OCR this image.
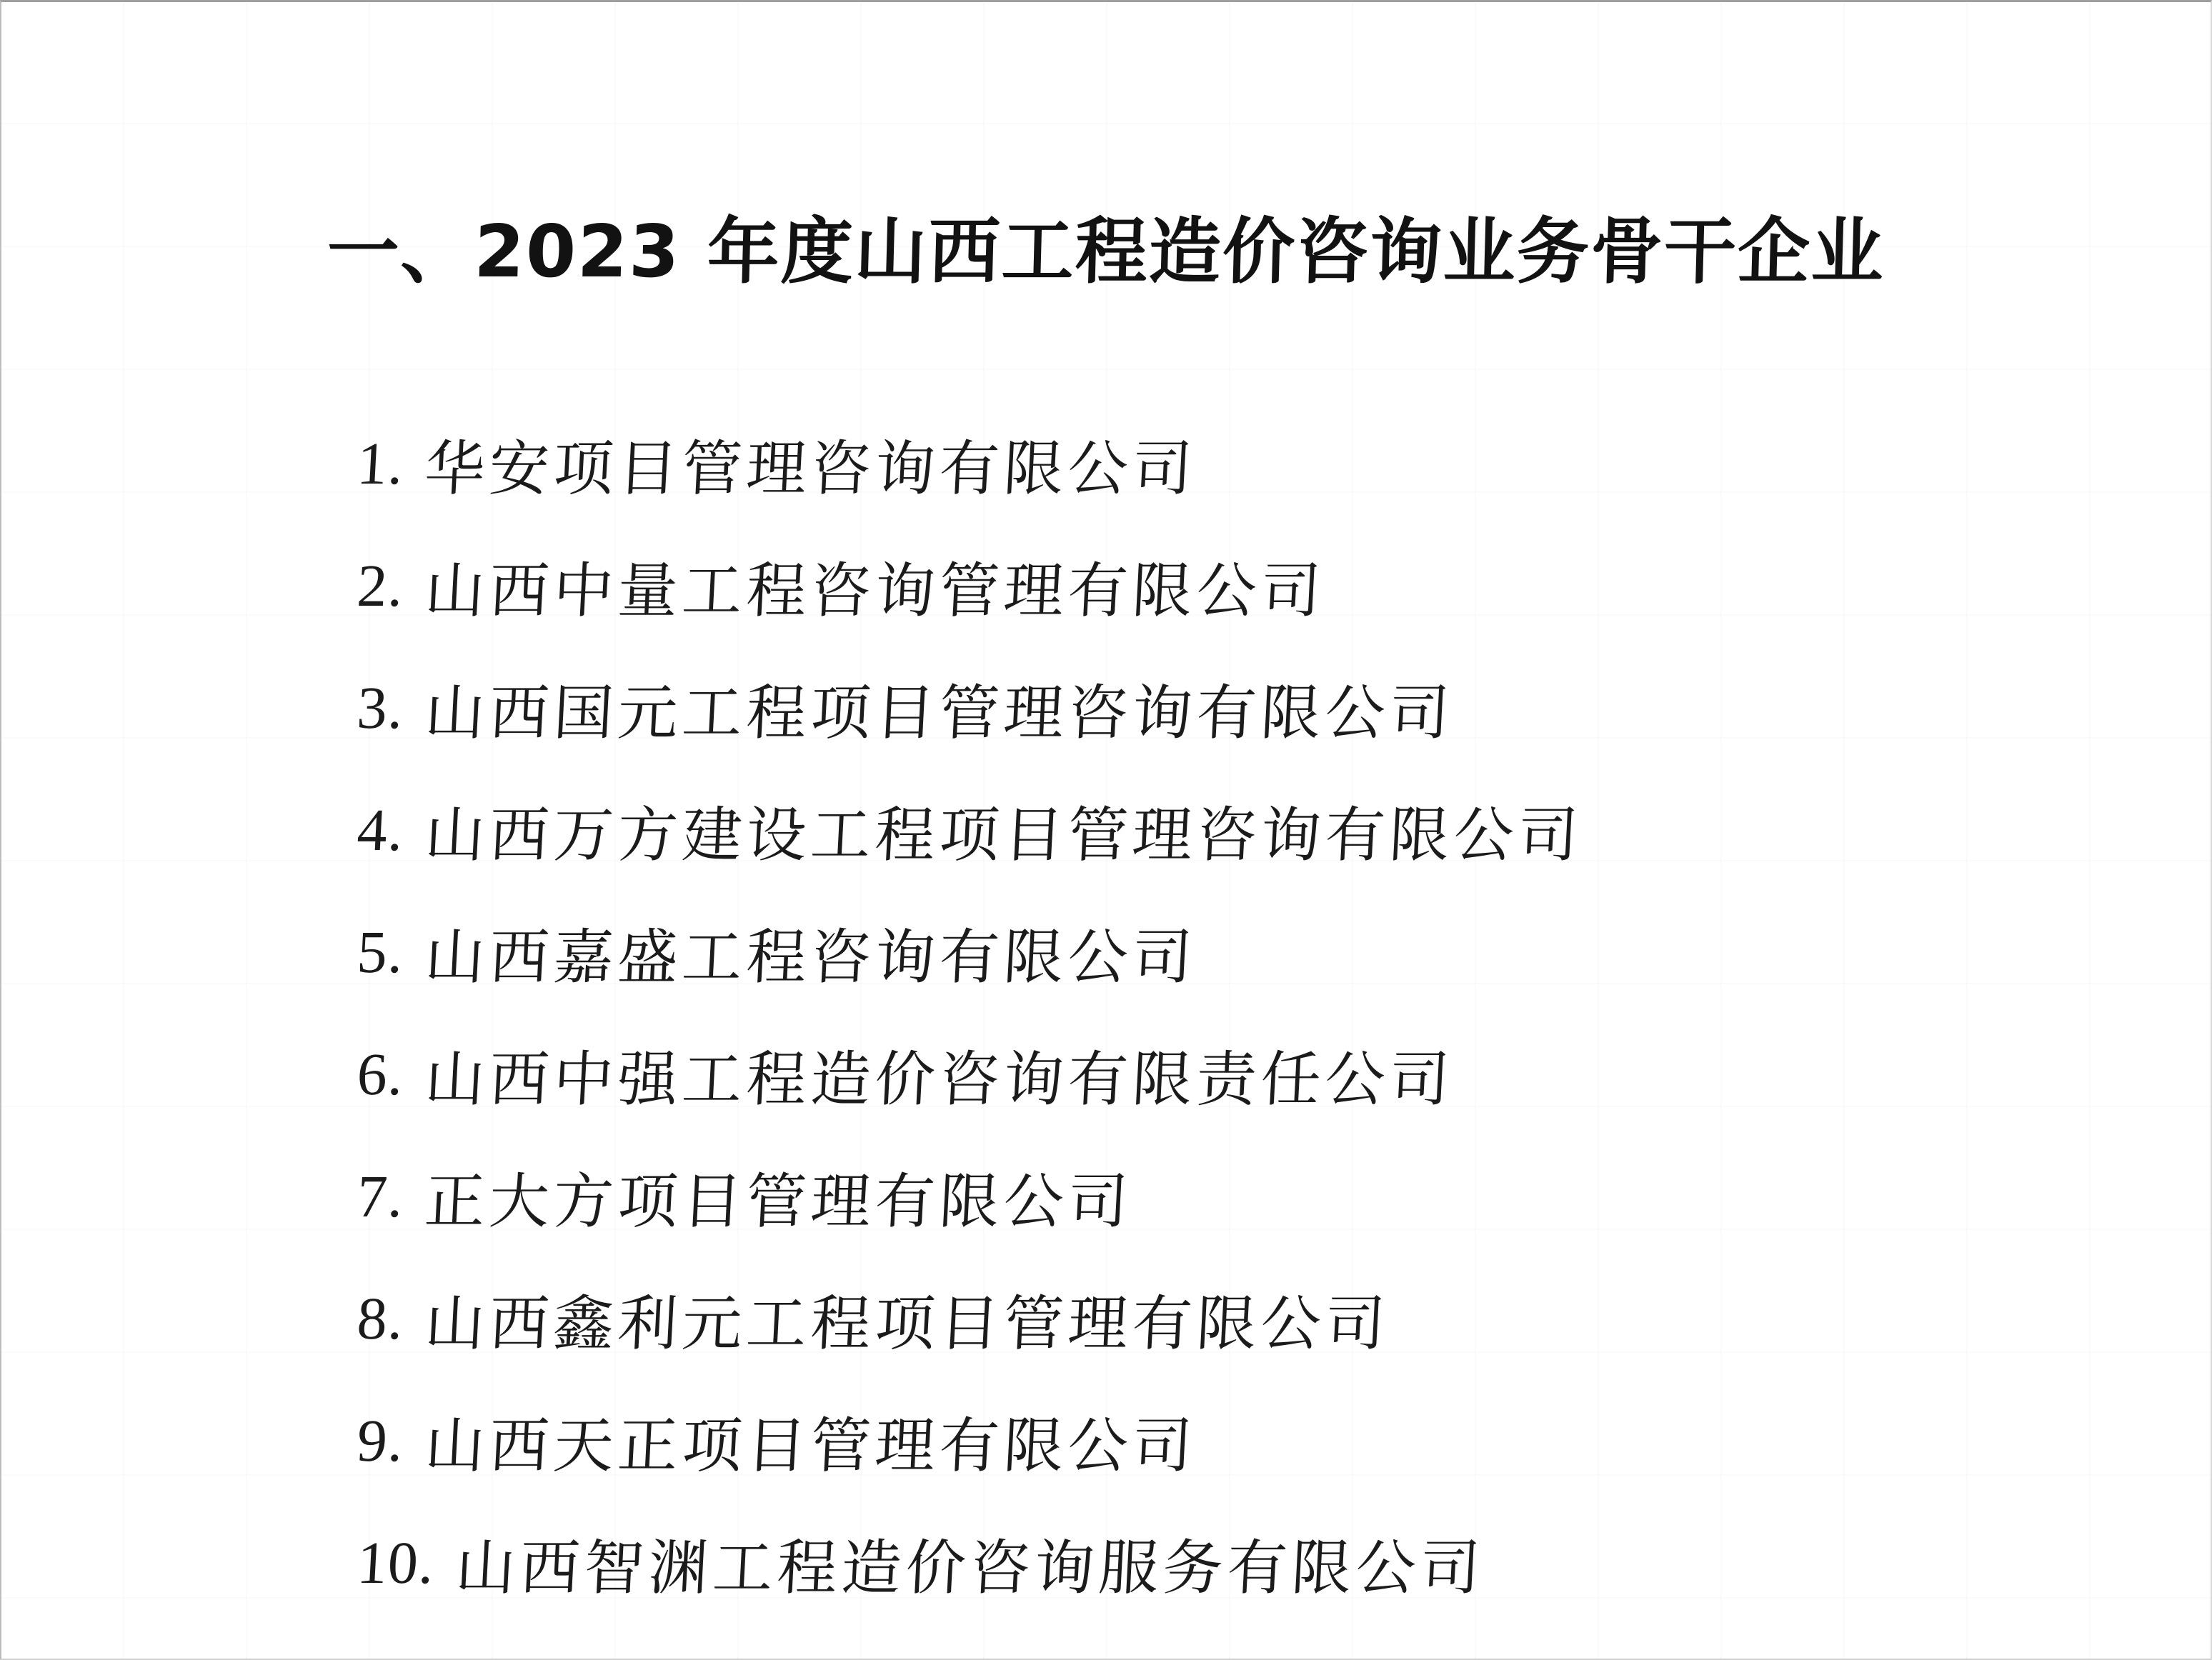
一、2023 年度山西工程造价咨询业务骨干企业
1. 华安项目管理咨询有限公司
2. 山西中量工程咨询管理有限公司
3. 山西国元工程项目管理咨询有限公司
4. 山西万方建设工程项目管理咨询有限公司
5. 山西嘉盛工程咨询有限公司
6. 山西中强工程造价咨询有限责任公司
7. 正大方项目管理有限公司
8. 山西鑫利元工程项目管理有限公司
9. 山西天正项目管理有限公司
10. 山西智渊工程造价咨询服务有限公司
